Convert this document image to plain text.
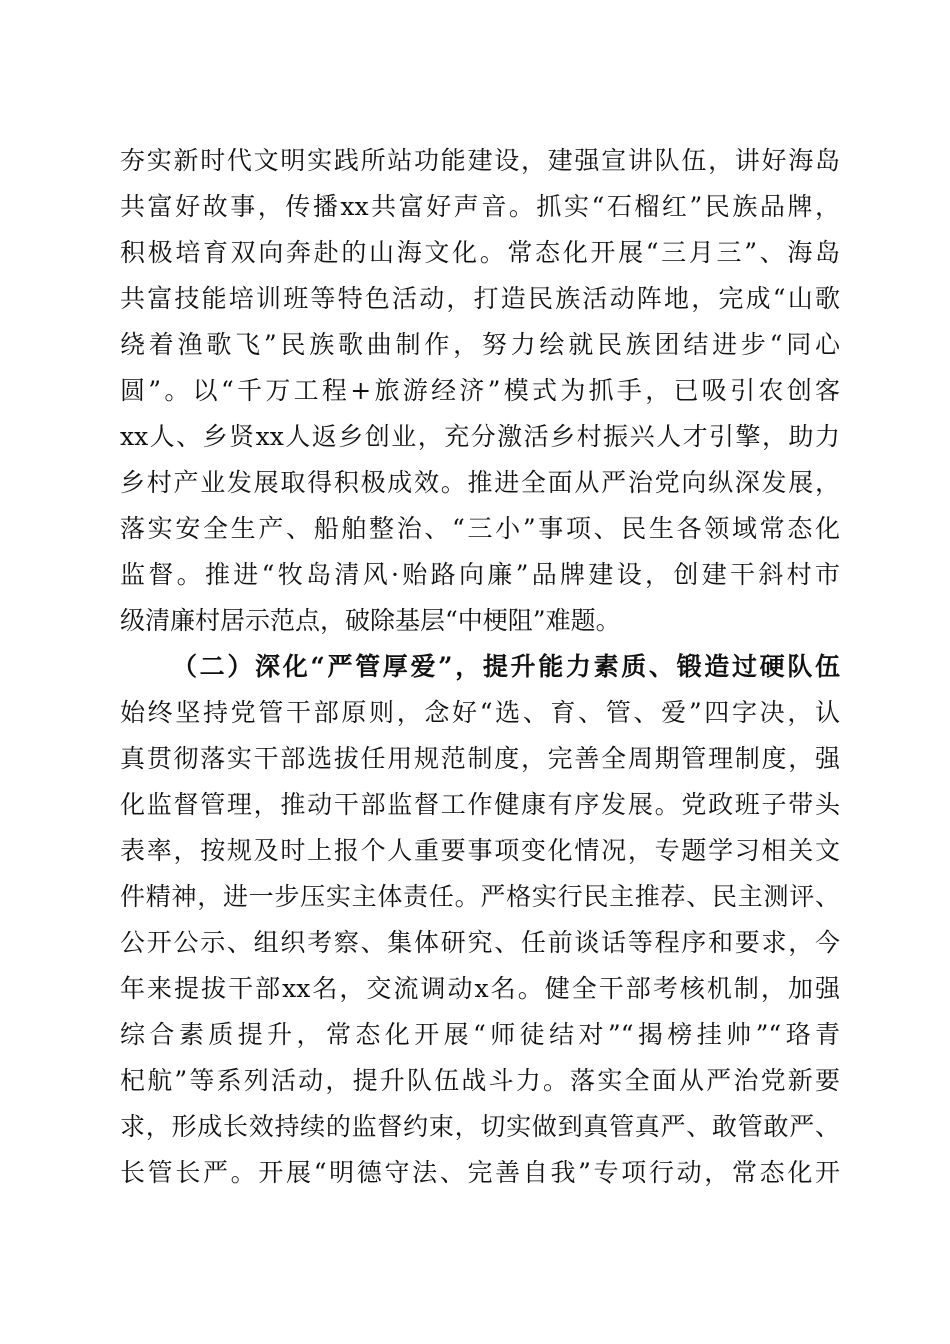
夯实新时代文明实践所站功能建设，建强宣讲队伍，讲好海岛
共富好故事，传播xx共富好声音。抓实“石榴红”民族品牌，
积极培育双向奔赴的山海文化。常态化开展“三月三”、海岛
共富技能培训班等特色活动，打造民族活动阵地，完成“山歌
绕着渔歌飞”民族歌曲制作，努力绘就民族团结进步“同心
圆”。以“千万工程+旅游经济”模式为抓手，已吸引农创客
xx人、乡贤xx人返乡创业，充分激活乡村振兴人才引擎，助力
乡村产业发展取得积极成效。推进全面从严治党向纵深发展，
落实安全生产、船舶整治、“三小”事项、民生各领域常态化
监督。推进“牧岛清风·贻路向廉”品牌建设，创建干斜村市
级清廉村居示范点，破除基层“中梗阻”难题。
（二）深化“严管厚爱”，提升能力素质、锻造过硬队伍
始终坚持党管干部原则，念好“选、育、管、爱”四字决，认
真贯彻落实干部选拔任用规范制度，完善全周期管理制度，强
化监督管理，推动干部监督工作健康有序发展。党政班子带头
表率，按规及时上报个人重要事项变化情况，专题学习相关文
件精神，进一步压实主体责任。严格实行民主推荐、民主测评、
公开公示、组织考察、集体研究、任前谈话等程序和要求，今
年来提拔干部xx名，交流调动x名。健全干部考核机制，加强
综合素质提升，常态化开展“师徒结对”“揭榜挂帅”“珞青
杞航”等系列活动，提升队伍战斗力。落实全面从严治党新要
求，形成长效持续的监督约束，切实做到真管真严、敢管敢严、
长管长严。开展“明德守法、完善自我”专项行动，常态化开
